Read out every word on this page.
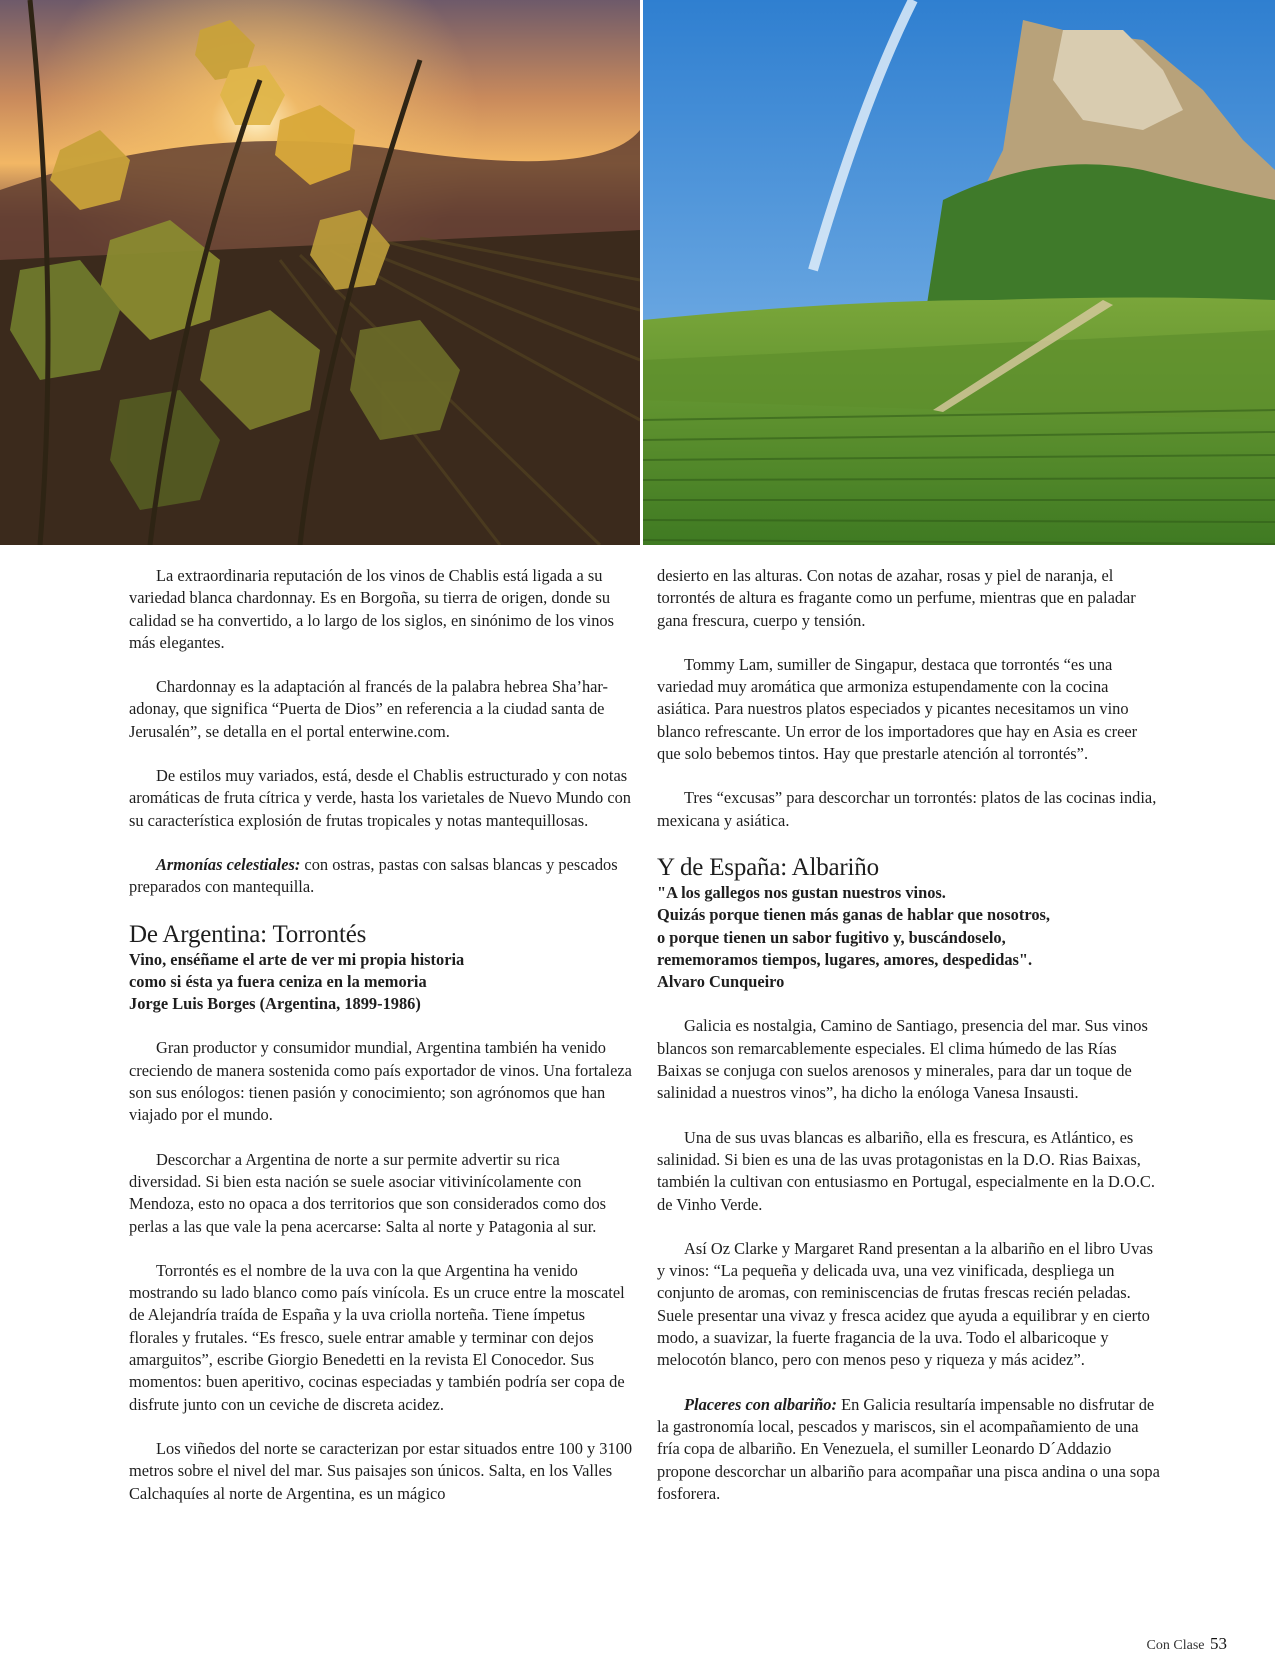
La extraordinaria reputación de los vinos de Chablis está ligada a su variedad blanca chardonnay. Es en Borgoña, su tierra de origen, donde su calidad se ha convertido, a lo largo de los siglos, en sinónimo de los vinos más elegantes.

Chardonnay es la adaptación al francés de la palabra hebrea Sha’har-adonay, que significa “Puerta de Dios” en referencia a la ciudad santa de Jerusalén”, se detalla en el portal enterwine.com.

De estilos muy variados, está, desde el Chablis estructurado y con notas aromáticas de fruta cítrica y verde, hasta los varietales de Nuevo Mundo con su característica explosión de frutas tropicales y notas mantequillosas.

Armonías celestiales: con ostras, pastas con salsas blancas y pescados preparados con mantequilla.

De Argentina: Torrontés
Vino, enséñame el arte de ver mi propia historia
como si ésta ya fuera ceniza en la memoria
Jorge Luis Borges (Argentina, 1899-1986)

Gran productor y consumidor mundial, Argentina también ha venido creciendo de manera sostenida como país exportador de vinos. Una fortaleza son sus enólogos: tienen pasión y conocimiento; son agrónomos que han viajado por el mundo.

Descorchar a Argentina de norte a sur permite advertir su rica diversidad. Si bien esta nación se suele asociar vitivinícolamente con Mendoza, esto no opaca a dos territorios que son considerados como dos perlas a las que vale la pena acercarse: Salta al norte y Patagonia al sur.

Torrontés es el nombre de la uva con la que Argentina ha venido mostrando su lado blanco como país vinícola. Es un cruce entre la moscatel de Alejandría traída de España y la uva criolla norteña. Tiene ímpetus florales y frutales. “Es fresco, suele entrar amable y terminar con dejos amarguitos”, escribe Giorgio Benedetti en la revista El Conocedor. Sus momentos: buen aperitivo, cocinas especiadas y también podría ser copa de disfrute junto con un ceviche de discreta acidez.

Los viñedos del norte se caracterizan por estar situados entre 100 y 3100 metros sobre el nivel del mar. Sus paisajes son únicos. Salta, en los Valles Calchaquíes al norte de Argentina, es un mágico

desierto en las alturas. Con notas de azahar, rosas y piel de naranja, el torrontés de altura es fragante como un perfume, mientras que en paladar gana frescura, cuerpo y tensión.

Tommy Lam, sumiller de Singapur, destaca que torrontés “es una variedad muy aromática que armoniza estupendamente con la cocina asiática. Para nuestros platos especiados y picantes necesitamos un vino blanco refrescante. Un error de los importadores que hay en Asia es creer que solo bebemos tintos. Hay que prestarle atención al torrontés”.

Tres “excusas” para descorchar un torrontés: platos de las cocinas india, mexicana y asiática.

Y de España: Albariño
"A los gallegos nos gustan nuestros vinos.
Quizás porque tienen más ganas de hablar que nosotros,
o porque tienen un sabor fugitivo y, buscándoselo,
rememoramos tiempos, lugares, amores, despedidas".
Alvaro Cunqueiro

Galicia es nostalgia, Camino de Santiago, presencia del mar. Sus vinos blancos son remarcablemente especiales. El clima húmedo de las Rías Baixas se conjuga con suelos arenosos y minerales, para dar un toque de salinidad a nuestros vinos”, ha dicho la enóloga Vanesa Insausti.

Una de sus uvas blancas es albariño, ella es frescura, es Atlántico, es salinidad. Si bien es una de las uvas protagonistas en la D.O. Rias Baixas, también la cultivan con entusiasmo en Portugal, especialmente en la D.O.C. de Vinho Verde.

Así Oz Clarke y Margaret Rand presentan a la albariño en el libro Uvas y vinos: “La pequeña y delicada uva, una vez vinificada, despliega un conjunto de aromas, con reminiscencias de frutas frescas recién peladas. Suele presentar una vivaz y fresca acidez que ayuda a equilibrar y en cierto modo, a suavizar, la fuerte fragancia de la uva. Todo el albaricoque y melocotón blanco, pero con menos peso y riqueza y más acidez”.

Placeres con albariño: En Galicia resultaría impensable no disfrutar de la gastronomía local, pescados y mariscos, sin el acompañamiento de una fría copa de albariño. En Venezuela, el sumiller Leonardo D´Addazio propone descorchar un albariño para acompañar una pisca andina o una sopa fosforera.

Con Clase 53
